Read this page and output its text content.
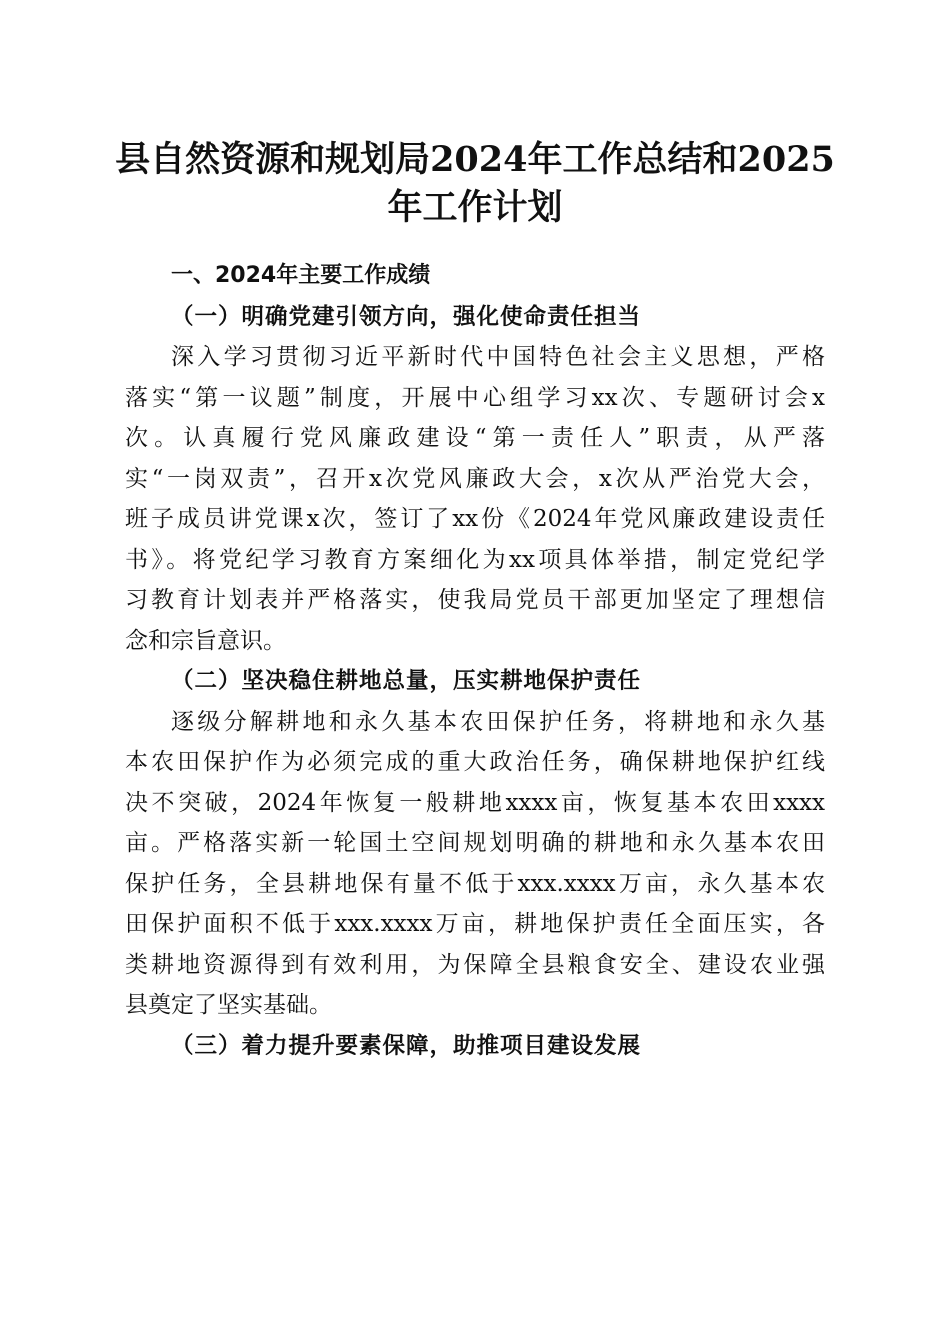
县自然资源和规划局2024年工作总结和2025
年工作计划
一、2024年主要工作成绩
（一）明确党建引领方向，强化使命责任担当

深入学习贯彻习近平新时代中国特色社会主义思想，严格
落实“第一议题”制度，开展中心组学习xx次、专题研讨会x
次。认真履行党风廉政建设“第一责任人”职责，从严落
实“一岗双责”，召开x次党风廉政大会，x次从严治党大会，
班子成员讲党课x次，签订了xx份《2024年党风廉政建设责任
书》。将党纪学习教育方案细化为xx项具体举措，制定党纪学
习教育计划表并严格落实，使我局党员干部更加坚定了理想信
念和宗旨意识。

（二）坚决稳住耕地总量，压实耕地保护责任

逐级分解耕地和永久基本农田保护任务，将耕地和永久基
本农田保护作为必须完成的重大政治任务，确保耕地保护红线
决不突破，2024年恢复一般耕地xxxx亩，恢复基本农田xxxx
亩。严格落实新一轮国土空间规划明确的耕地和永久基本农田
保护任务，全县耕地保有量不低于xxx.xxxx万亩，永久基本农
田保护面积不低于xxx.xxxx万亩，耕地保护责任全面压实，各
类耕地资源得到有效利用，为保障全县粮食安全、建设农业强
县奠定了坚实基础。

（三）着力提升要素保障，助推项目建设发展
